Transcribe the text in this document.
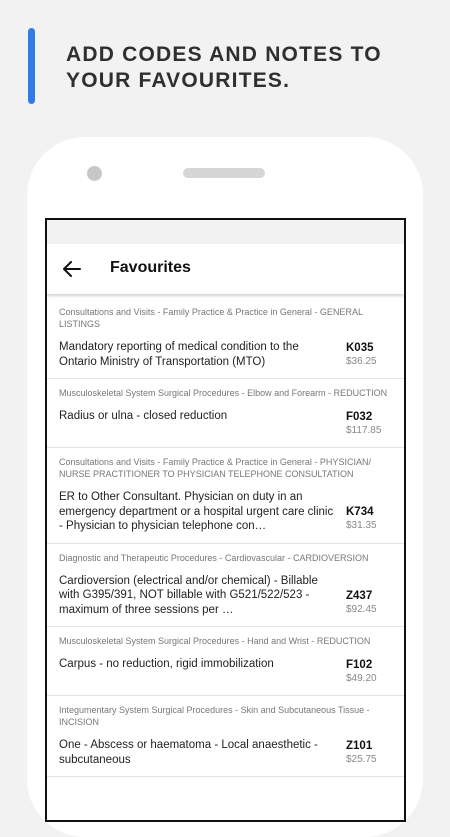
ADD CODES AND NOTES TO YOUR FAVOURITES.
Favourites
Consultations and Visits - Family Practice & Practice in General - GENERAL LISTINGS
Mandatory reporting of medical condition to the Ontario Ministry of Transportation (MTO)
K035
$36.25
Musculoskeletal System Surgical Procedures - Elbow and Forearm - REDUCTION
Radius or ulna - closed reduction	F032
$117.85
Consultations and Visits - Family Practice & Practice in General - PHYSICIAN/ NURSE PRACTITIONER TO PHYSICIAN TELEPHONE CONSULTATION
ER to Other Consultant. Physician on duty in an emergency department or a hospital urgent care clinic - Physician to physician telephone con…
K734
$31.35
Diagnostic and Therapeutic Procedures - Cardiovascular - CARDIOVERSION
Cardioversion (electrical and/or chemical) - Billable with G395/391, NOT billable with G521/522/523 - maximum of three sessions per …
Z437
$92.45
Musculoskeletal System Surgical Procedures - Hand and Wrist - REDUCTION
Carpus - no reduction, rigid immobilization	F102
$49.20
Integumentary System Surgical Procedures - Skin and Subcutaneous Tissue - INCISION
One - Abscess or haematoma - Local anaesthetic - subcutaneous
Z101
$25.75
